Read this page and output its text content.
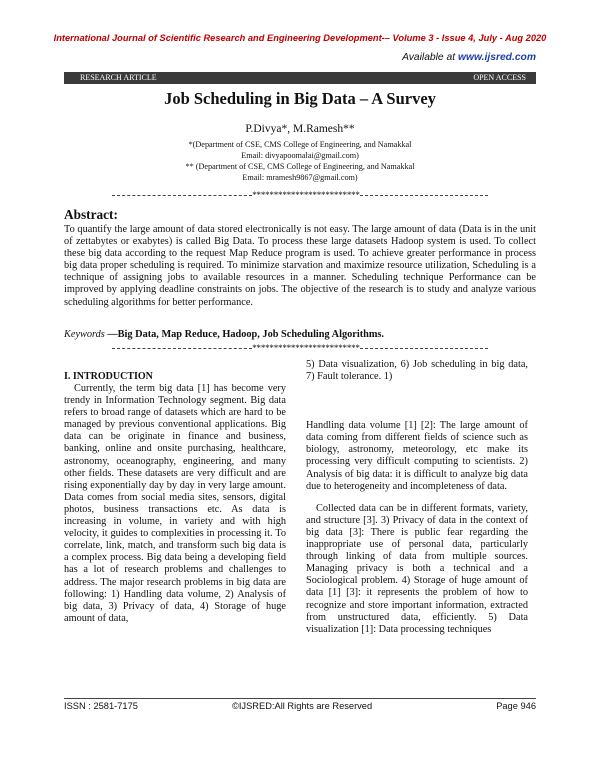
International Journal of Scientific Research and Engineering Development-– Volume 3 - Issue 4, July - Aug 2020
Available at www.ijsred.com
RESEARCH ARTICLE	OPEN ACCESS
Job Scheduling in Big Data – A Survey
P.Divya*, M.Ramesh**
*(Department of CSE, CMS College of Engineering, and Namakkal
Email: divyapoomalai@gmail.com)
** (Department of CSE, CMS College of Engineering, and Namakkal
Email: mramesh9867@gmail.com)
*************************
Abstract:
To quantify the large amount of data stored electronically is not easy. The large amount of data (Data is in the unit of zettabytes or exabytes) is called Big Data. To process these large datasets Hadoop system is used. To collect these big data according to the request Map Reduce program is used. To achieve greater performance in process big data proper scheduling is required. To minimize starvation and maximize resource utilization, Scheduling is a technique of assigning jobs to available resources in a manner. Scheduling technique Performance can be improved by applying deadline constraints on jobs. The objective of the research is to study and analyze various scheduling algorithms for better performance.
Keywords —Big Data, Map Reduce, Hadoop, Job Scheduling Algorithms.
*************************
I. INTRODUCTION

Currently, the term big data [1] has become very trendy in Information Technology segment. Big data refers to broad range of datasets which are hard to be managed by previous conventional applications. Big data can be originate in finance and business, banking, online and onsite purchasing, healthcare, astronomy, oceanography, engineering, and many other fields. These datasets are very difficult and are rising exponentially day by day in very large amount. Data comes from social media sites, sensors, digital photos, business transactions etc. As data is increasing in volume, in variety and with high velocity, it guides to complexities in processing it. To correlate, link, match, and transform such big data is a complex process. Big data being a developing field has a lot of research problems and challenges to address. The major research problems in big data are following: 1) Handling data volume, 2) Analysis of big data, 3) Privacy of data, 4) Storage of huge amount of data,

5) Data visualization, 6) Job scheduling in big data, 7) Fault tolerance. 1)

Handling data volume [1] [2]: The large amount of data coming from different fields of science such as biology, astronomy, meteorology, etc make its processing very difficult computing to scientists. 2) Analysis of big data: it is difficult to analyze big data due to heterogeneity and incompleteness of data.

Collected data can be in different formats, variety, and structure [3]. 3) Privacy of data in the context of big data [3]: There is public fear regarding the inappropriate use of personal data, particularly through linking of data from multiple sources. Managing privacy is both a technical and a Sociological problem. 4) Storage of huge amount of data [1] [3]: it represents the problem of how to recognize and store important information, extracted from unstructured data, efficiently. 5) Data visualization [1]: Data processing techniques

ISSN : 2581-7175	©IJSRED:All Rights are Reserved	Page 946
